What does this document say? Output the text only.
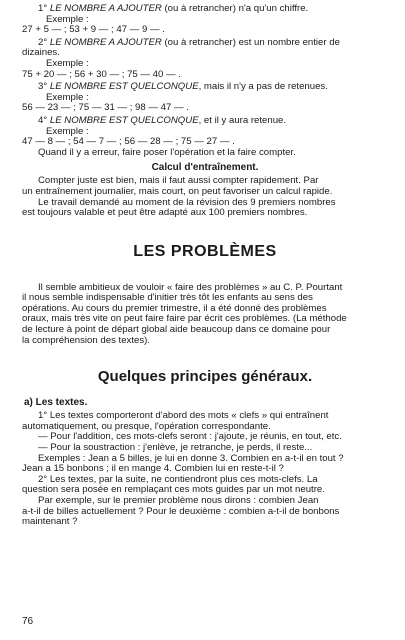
1° LE NOMBRE A AJOUTER (ou à retrancher) n'a qu'un chiffre.

Exemple :

27 + 5 — ; 53 + 9 — ; 47 — 9 — .

2° LE NOMBRE A AJOUTER (ou à retrancher) est un nombre entier de

dizaines.

Exemple :

75 + 20 — ; 56 + 30 — ; 75 — 40 — .

3° LE NOMBRE EST QUELCONQUE, mais il n'y a pas de retenues.

Exemple :

56 — 23 — ; 75 — 31 — ; 98 — 47 — .

4° LE NOMBRE EST QUELCONQUE, et il y aura retenue.

Exemple :

47 — 8 — ; 54 — 7 — ; 56 — 28 — ; 75 — 27 — .

Quand il y a erreur, faire poser l'opération et la faire compter.

Calcul d'entraînement.

Compter juste est bien, mais il faut aussi compter rapidement. Par

un entraînement journalier, mais court, on peut favoriser un calcul rapide.

Le travail demandé au moment de la révision des 9 premiers nombres

est toujours valable et peut être adapté aux 100 premiers nombres.

LES PROBLÈMES

Il semble ambitieux de vouloir « faire des problèmes » au C. P. Pourtant

il nous semble indispensable d'initier très tôt les enfants au sens des

opérations. Au cours du premier trimestre, il a été donné des problèmes

oraux, mais très vite on peut faire faire par écrit ces problèmes. (La méthode

de lecture à point de départ global aide beaucoup dans ce domaine pour

la compréhension des textes).

Quelques principes généraux.

a) Les textes.

1° Les textes comporteront d'abord des mots « clefs » qui entraînent

automatiquement, ou presque, l'opération correspondante.

— Pour l'addition, ces mots-clefs seront : j'ajoute, je réunis, en tout, etc.

— Pour la soustraction : j'enlève, je retranche, je perds, il reste...

Exemples : Jean a 5 billes, je lui en donne 3. Combien en a-t-il en tout ?

Jean a 15 bonbons ; il en mange 4. Combien lui en reste-t-il ?

2° Les textes, par la suite, ne contiendront plus ces mots-clefs. La

question sera posée en remplaçant ces mots guides par un mot neutre.

Par exemple, sur le premier problème nous dirons : combien Jean

a-t-il de billes actuellement ? Pour le deuxième : combien a-t-il de bonbons

maintenant ?

76
